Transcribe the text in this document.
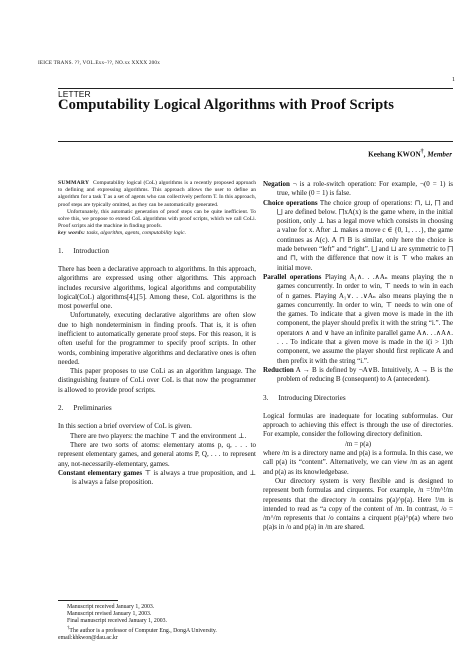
IEICE TRANS. ??, VOL.Exx–??, NO.xx XXXX 200x
1
LETTER
Computability Logical Algorithms with Proof Scripts
Keehang KWON†, Member

SUMMARY Computability logical (CoL) algorithms is a recently proposed approach to defining and expressing algorithms. This approach allows the user to define an algorithm for a task T as a set of agents who can collectively perform T. In this approach, proof steps are typically omitted, as they can be automatically generated.

Unfortunately, this automatic generation of proof steps can be quite inefficient. To solve this, we propose to extend CoL algorithms with proof scripts, which we call CoLi. Proof scripts aid the machine in finding proofs.

key words: tasks, algorithm, agents, computability logic.

1. Introduction

There has been a declarative approach to algorithms. In this approach, algorithms are expressed using other algorithms. This approach includes recursive algorithms, logical algorithms and computability logical(CoL) algorithms[4],[5]. Among these, CoL algorithms is the most powerful one.

Unfortunately, executing declarative algorithms are often slow due to high nondeterminism in finding proofs. That is, it is often inefficient to automatically generate proof steps. For this reason, it is often useful for the programmer to specify proof scripts. In other words, combining imperative algorithms and declarative ones is often needed.

This paper proposes to use CoLi as an algorithm language. The distinguishing feature of CoLi over CoL is that now the programmer is allowed to provide proof scripts.

2. Preliminaries

In this section a brief overview of CoL is given.

There are two players: the machine ⊤ and the environment ⊥.

There are two sorts of atoms: elementary atoms p, q, . . . to represent elementary games, and general atoms P, Q, . . . to represent any, not-necessarily-elementary, games.

Constant elementary games ⊤ is always a true proposition, and ⊥ is always a false proposition.

Manuscript received January 1, 2003.

Manuscript revised January 1, 2003.

Final manuscript received January 1, 2003.

†The author is a professor of Computer Eng., DongA University. email:khkwon@dau.ac.kr

Negation ¬ is a role-switch operation: For example, ¬(0 = 1) is true, while (0 = 1) is false.

Choice operations The choice group of operations: ⊓, ⊔, ⨅ and ⨆ are defined below. ⨅xA(x) is the game where, in the initial position, only ⊥ has a legal move which consists in choosing a value for x. After ⊥ makes a move c ∈ {0, 1, . . .}, the game continues as A(c). A ⊓ B is similar, only here the choice is made between “left” and “right”. ⨆ and ⊔ are symmetric to ⨅ and ⊓, with the difference that now it is ⊤ who makes an initial move.

Parallel operations Playing A₁∧. . .∧Aₙ means playing the n games concurrently. In order to win, ⊤ needs to win in each of n games. Playing A₁∨. . .∨Aₙ also means playing the n games concurrently. In order to win, ⊤ needs to win one of the games. To indicate that a given move is made in the ith component, the player should prefix it with the string “i.”. The operators ∧ and ∨ have an infinite parallel game A∧. . .∧A∧. . . . To indicate that a given move is made in the i(i > 1)th component, we assume the player should first replicate A and then prefix it with the string “i.”.

Reduction A → B is defined by ¬A∨B. Intuitively, A → B is the problem of reducing B (consequent) to A (antecedent).

3. Introducing Directories

Logical formulas are inadequate for locating subformulas. Our approach to achieving this effect is through the use of directories. For example, consider the following directory definition.

/m = p(a)

where /m is a directory name and p(a) is a formula. In this case, we call p(a) its “content”. Alternatively, we can view /m as an agent and p(a) as its knowledgebase.

Our directory system is very flexible and is designed to represent both formulas and cirquents. For example, /n =!/m^!/m represents that the directory /n contains p(a)^p(a). Here !/m is intended to read as “a copy of the content of /m. In contrast, /o = /m^/m represents that /o contains a cirquent p(a)^p(a) where two p(a)s in /o and p(a) in /m are shared.
